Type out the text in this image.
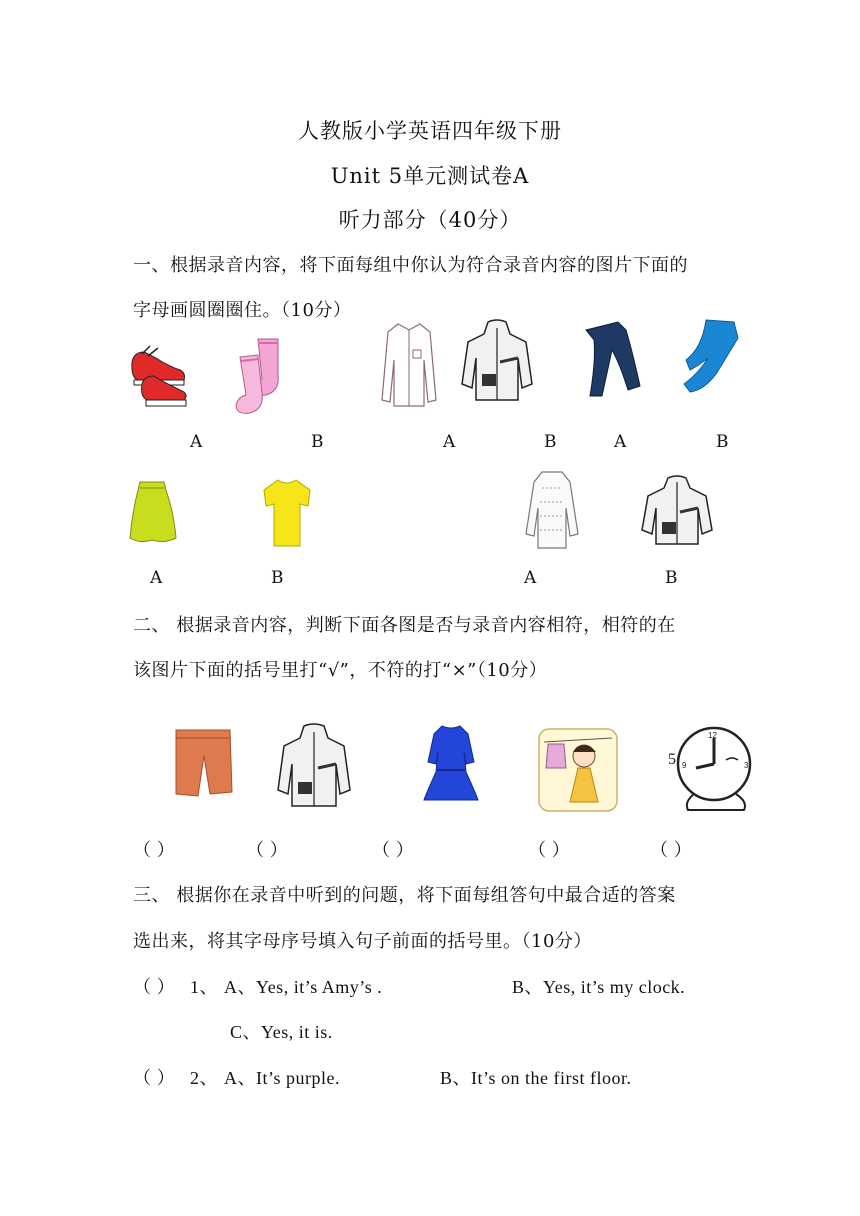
人教版小学英语四年级下册
Unit 5单元测试卷A
听力部分（40分）
一、根据录音内容，将下面每组中你认为符合录音内容的图片下面的
字母画圆圈圈住。（10分）
A	B	A	B	A	B
A	B	A	B
二、 根据录音内容，判断下面各图是否与录音内容相符，相符的在
该图片下面的括号里打“√”，不符的打“×”（10分）
5
12
9	3
（ ）	（ ）	（ ）	（ ）	（ ）
三、 根据你在录音中听到的问题，将下面每组答句中最合适的答案
选出来，将其字母序号填入句子前面的括号里。（10分）
（ ） 1、 A、Yes, it’s Amy’s .	B、Yes, it’s my clock.
C、Yes, it is.
（ ） 2、 A、It’s purple.	B、It’s on the first floor.
